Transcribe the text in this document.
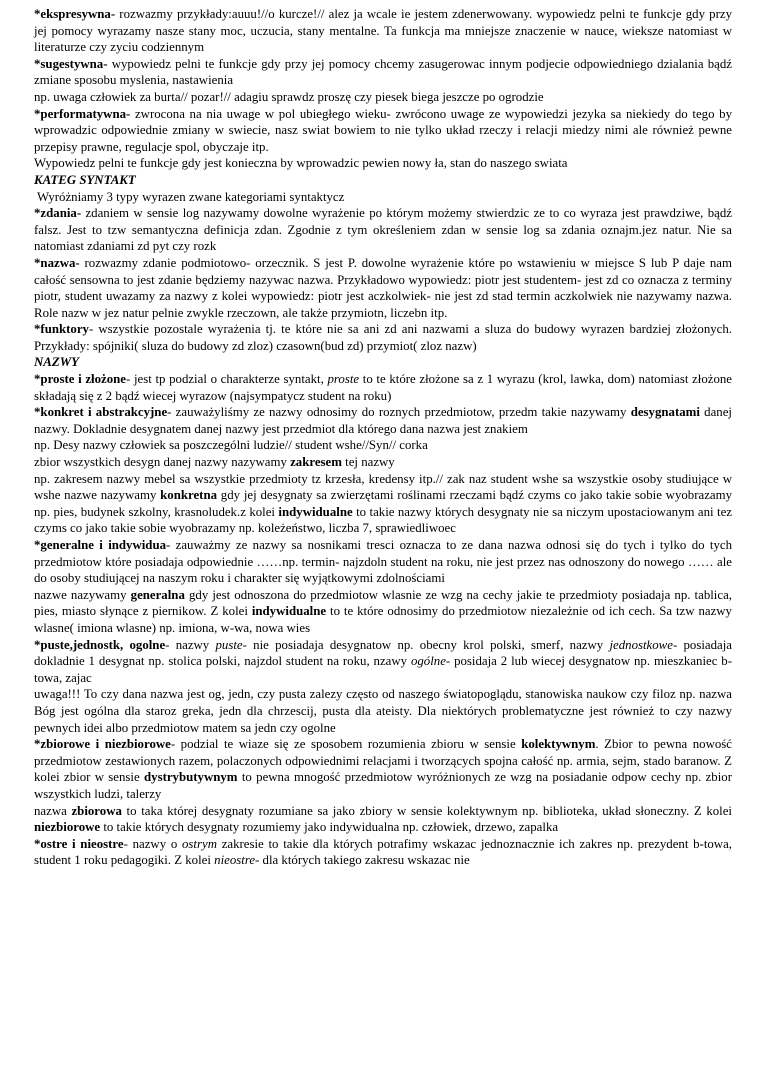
*ekspresywna- rozwazmy przykłady:auuu!//o kurcze!// alez ja wcale ie jestem zdenerwowany. wypowiedz pelni te funkcje gdy przy jej pomocy wyrazamy nasze stany moc, uczucia, stany mentalne. Ta funkcja ma mniejsze znaczenie w nauce, wieksze natomiast w literaturze czy zyciu codziennym

*sugestywna- wypowiedz pelni te funkcje gdy przy jej pomocy chcemy zasugerowac innym podjecie odpowiedniego dzialania bądź zmiane sposobu myslenia, nastawienia

np. uwaga człowiek za burta// pozar!// adagiu sprawdz proszę czy piesek biega jeszcze po ogrodzie

*performatywna- zwrocona na nia uwage w pol ubiegłego wieku- zwrócono uwage ze wypowiedzi jezyka sa niekiedy do tego by wprowadzic odpowiednie zmiany w swiecie, nasz swiat bowiem to nie tylko układ rzeczy i relacji miedzy nimi ale również pewne przepisy prawne, regulacje spol, obyczaje itp.

Wypowiedz pelni te funkcje gdy jest konieczna by wprowadzic pewien nowy ła, stan do naszego swiata

KATEG SYNTAKT

Wyróżniamy 3 typy wyrazen zwane kategoriami syntaktycz

*zdania- zdaniem w sensie log nazywamy dowolne wyrażenie po którym możemy stwierdzic ze to co wyraza jest prawdziwe, bądź falsz. Jest to tzw semantyczna definicja zdan. Zgodnie z tym określeniem zdan w sensie log sa zdania oznajm.jez natur. Nie sa natomiast zdaniami zd pyt czy rozk

*nazwa- rozwazmy zdanie podmiotowo- orzecznik. S jest P. dowolne wyrażenie które po wstawieniu w miejsce S lub P daje nam całość sensowna to jest zdanie będziemy nazywac nazwa. Przykładowo wypowiedz: piotr jest studentem- jest zd co oznacza z terminy piotr, student uwazamy za nazwy z kolei wypowiedz: piotr jest aczkolwiek- nie jest zd stad termin aczkolwiek nie nazywamy nazwa. Role nazw w jez natur pelnie zwykle rzeczown, ale także przymiotn, liczebn itp.

*funktory- wszystkie pozostale wyrażenia tj. te które nie sa ani zd ani nazwami a sluza do budowy wyrazen bardziej złożonych. Przykłady: spójniki( sluza do budowy zd zloz) czasown(bud zd) przymiot( zloz nazw)

NAZWY

*proste i złożone- jest tp podzial o charakterze syntakt, proste to te które złożone sa z 1 wyrazu (krol, lawka, dom) natomiast złożone składają się z 2 bądź wiecej wyrazow (najsympatycz student na roku)

*konkret i abstrakcyjne- zauważyliśmy ze nazwy odnosimy do roznych przedmiotow, przedm takie nazywamy desygnatami danej nazwy. Dokladnie desygnatem danej nazwy jest przedmiot dla którego dana nazwa jest znakiem

np. Desy nazwy człowiek sa poszczególni ludzie// student wshe//Syn// corka

zbior wszystkich desygn danej nazwy nazywamy zakresem tej nazwy

np. zakresem nazwy mebel sa wszystkie przedmioty tz krzesła, kredensy itp.// zak naz student wshe sa wszystkie osoby studiujące w wshe nazwe nazywamy konkretna gdy jej desygnaty sa zwierzętami roślinami rzeczami bądź czyms co jako takie sobie wyobrazamy np. pies, budynek szkolny, krasnoludek.z kolei indywidualne to takie nazwy których desygnaty nie sa niczym upostaciowanym ani tez czyms co jako takie sobie wyobrazamy np. koleżeństwo, liczba 7, sprawiedliwoec

*generalne i indywidua- zauważmy ze nazwy sa nosnikami tresci oznacza to ze dana nazwa odnosi się do tych i tylko do tych przedmiotow które posiadaja odpowiednie ……np. termin- najzdoln student na roku, nie jest przez nas odnoszony do nowego …… ale do osoby studiującej na naszym roku i charakter się wyjątkowymi zdolnościami

nazwe nazywamy generalna gdy jest odnoszona do przedmiotow wlasnie ze wzg na cechy jakie te przedmioty posiadaja np. tablica, pies, miasto słynące z piernikow. Z kolei indywidualne to te które odnosimy do przedmiotow niezależnie od ich cech. Sa tzw nazwy wlasne( imiona wlasne) np. imiona, w-wa, nowa wies

*puste,jednostk, ogolne- nazwy puste- nie posiadaja desygnatow np. obecny krol polski, smerf, nazwy jednostkowe- posiadaja dokladnie 1 desygnat np. stolica polski, najzdol student na roku, nzawy ogólne- posidaja 2 lub wiecej desygnatow np. mieszkaniec b-towa, zajac

uwaga!!! To czy dana nazwa jest og, jedn, czy pusta zalezy często od naszego światopoglądu, stanowiska naukow czy filoz np. nazwa Bóg jest ogólna dla staroz greka, jedn dla chrzescij, pusta dla ateisty. Dla niektórych problematyczne jest również to czy nazwy pewnych idei albo przedmiotow matem sa jedn czy ogolne

*zbiorowe i niezbiorowe- podzial te wiaze się ze sposobem rozumienia zbioru w sensie kolektywnym. Zbior to pewna nowość przedmiotow zestawionych razem, polaczonych odpowiednimi relacjami i tworzących spojna całość np. armia, sejm, stado baranow. Z kolei zbior w sensie dystrybutywnym to pewna mnogość przedmiotow wyróżnionych ze wzg na posiadanie odpow cechy np. zbior wszystkich ludzi, talerzy

nazwa zbiorowa to taka której desygnaty rozumiane sa jako zbiory w sensie kolektywnym np. biblioteka, układ słoneczny. Z kolei niezbiorowe to takie których desygnaty rozumiemy jako indywidualna np. człowiek, drzewo, zapalka

*ostre i nieostre- nazwy o ostrym zakresie to takie dla których potrafimy wskazac jednoznacznie ich zakres np. prezydent b-towa, student 1 roku pedagogiki. Z kolei nieostre- dla których takiego zakresu wskazac nie
